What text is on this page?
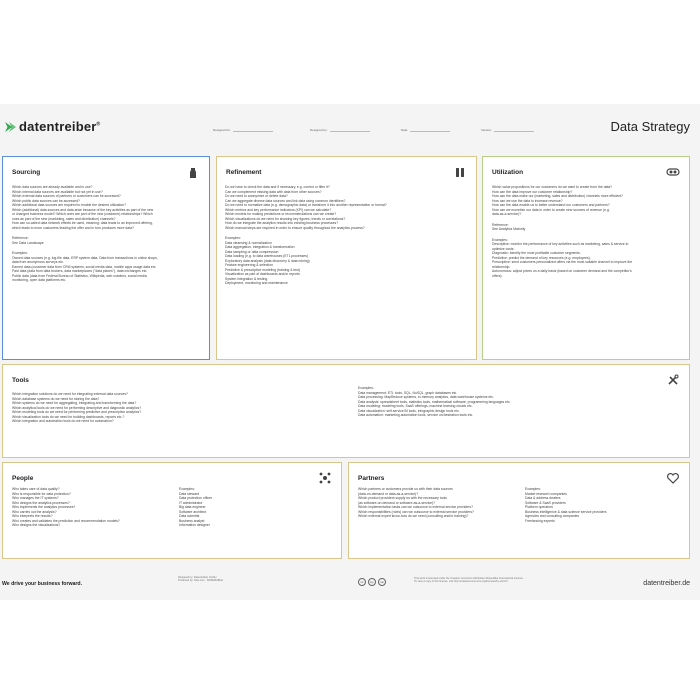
datentreiber®
Designed for:	Designed by:	Date:	Version:	Data Strategy
Sourcing

Which data sources are already available and in use?

Which internal data sources are available but not yet in use?

Which external data sources of partners or customers can be accessed?

Which public data sources can be accessed?

Which additional data sources are required to enable the desired utilization?

Which (additional) data sources and data arise because of the key activities as part of the new

or changed business model? Which ones are part of the new (customer) relationships? Which

ones as part of the new (marketing, sales and distribution) channels?

How can so-called data network effects be used, meaning: data leads to an improved offering,

which leads to more customers leading the offer and in turn produces more data?

Reference:

See Data Landscape

Examples:

Owned data sources (e.g. log-file data, ERP system data, Data from transactions in online shops,

data from anonymous surveys etc.

Earned data (customer data from CRM systems, social media data, mobile apps usage data etc.

Paid data (data from data brokers, data marketplaces ("data places"), data exchanges etc.

Public data (data from Federal Bureau of Statistics, Wikipedia, web crawlers, social media

monitoring, open data platforms etc.

Refinement

Do we have to check the data and if necessary, e.g. correct or filter it?

Can we complement missing data with data from other sources?

Do we need to anonymize or delete data?

Can we aggregate diverse data sources and link data using common identifiers?

Do we need to normalize data (e.g. demographic data) or transform it into another representation or format?

Which metrics and key performance indicators (KPI) can we calculate?

Which models for making predictions or recommendations can we create?

Which visualizations do we need for showing key figures, trends or correlations?

How do we integrate the analytics results into existing business processes?

Which manual steps are required in order to ensure quality throughout the analytics process?

Examples:

Data cleansing & normalization

Data aggregation, integration & transformation

Data sampling or data compression

Data loading (e.g. to data warehouses (ETL processes)

Exploratory data analysis (data discovery & data mining)

Feature engineering & selection

Predictive & prescriptive modeling (training & test)

Visualization as part of dashboards and/or reports

System integration & testing

Deployment, monitoring and maintenance

Utilization

Which value propositions for our customers do we want to create from the data?

How can the data improve our customer relationship?

How can the data make our (marketing, sales and distribution) channels more efficient?

How can we use the data to increase revenue?

How can the data enable us to better understand our customers and partners?

How can we monetize our data in order to create new sources of revenue (e.g.

data-as-a-service)?

Reference:

See Analytics Maturity

Examples:

Descriptive: monitor the performance of key activities such as marketing, sales & service to

optimize costs.

Diagnostic: identify the most profitable customer segments.

Predictive: predict the demand of key resources (e.g. employees).

Prescriptive: send customers personalized offers via the most suitable channel to improve the

relationship.

Autonomous: adjust prices on a daily basis (based on customer demand and the competitor's

offers).

Tools

Which integration solutions do we need for integrating external data sources?

Which database systems do we need for storing the data?

Which systems do we need for aggregating, integrating and transforming the data?

Which analytical tools do we need for performing descriptive and diagnostic analytics?

Which modeling tools do we need for performing predictive and prescriptive analytics?

Which visualization tools do we need for building dashboards, reports etc.?

Which integration and automation tools do we need for automation?

Examples:

Data management: ETL tools, SQL, NoSQL, graph databases etc.

Data processing: MapReduce systems, in-memory analytics, data warehouse systems etc.

Data analysis: spreadsheet tools, statistics tools, mathematical software, programming languages etc.

Data modeling: modeling tools, SaaS offerings, machine learning clouds etc.

Data visualization: self-service BI tools, infographic design tools etc.

Data automation: marketing automation tools, service orchestration tools etc.

People

Who takes care of data quality?

Who is responsible for data protection?

Who manages the IT systems?

Who designs the analytics processes?

Who implements the analytics processes?

Who carries out the analysis?

Who interprets the results?

Who creates and validates the prediction and recommendation models?

Who designs the visualizations?

Examples:

Data steward

Data protection officer

IT administrator

Big data engineer

Software architect

Data scientist

Business analyst

Information designer

Partners

Which partners or customers provide us with their data sources

(data-on-demand or data-as-a-service)?

Which product providers supply us with the necessary tools

(as software-on-demand or software-as-a-service)?

Which implementation tasks can we outsource to external service providers?

Which responsibilities (roles) can we outsource to external service providers?

Which external expert know-how do we need (consulting and/or training)?

Examples:

Market research companies

Data & address dealers

Software & SaaS providers

Platform operators

Business intelligence & data science service providers

Agencies and consulting companies

Freelancing experts

We drive your business forward.
Designed by: Datentreiber GmbH
Produced by: bdrp.com · BDSDRABLE	cc	by	sa
This work is licensed under the Creative Commons Attribution-ShareAlike International License.
To view a copy of this license, visit http://creativecommons.org/licenses/by-sa/4.0/	datentreiber.de
